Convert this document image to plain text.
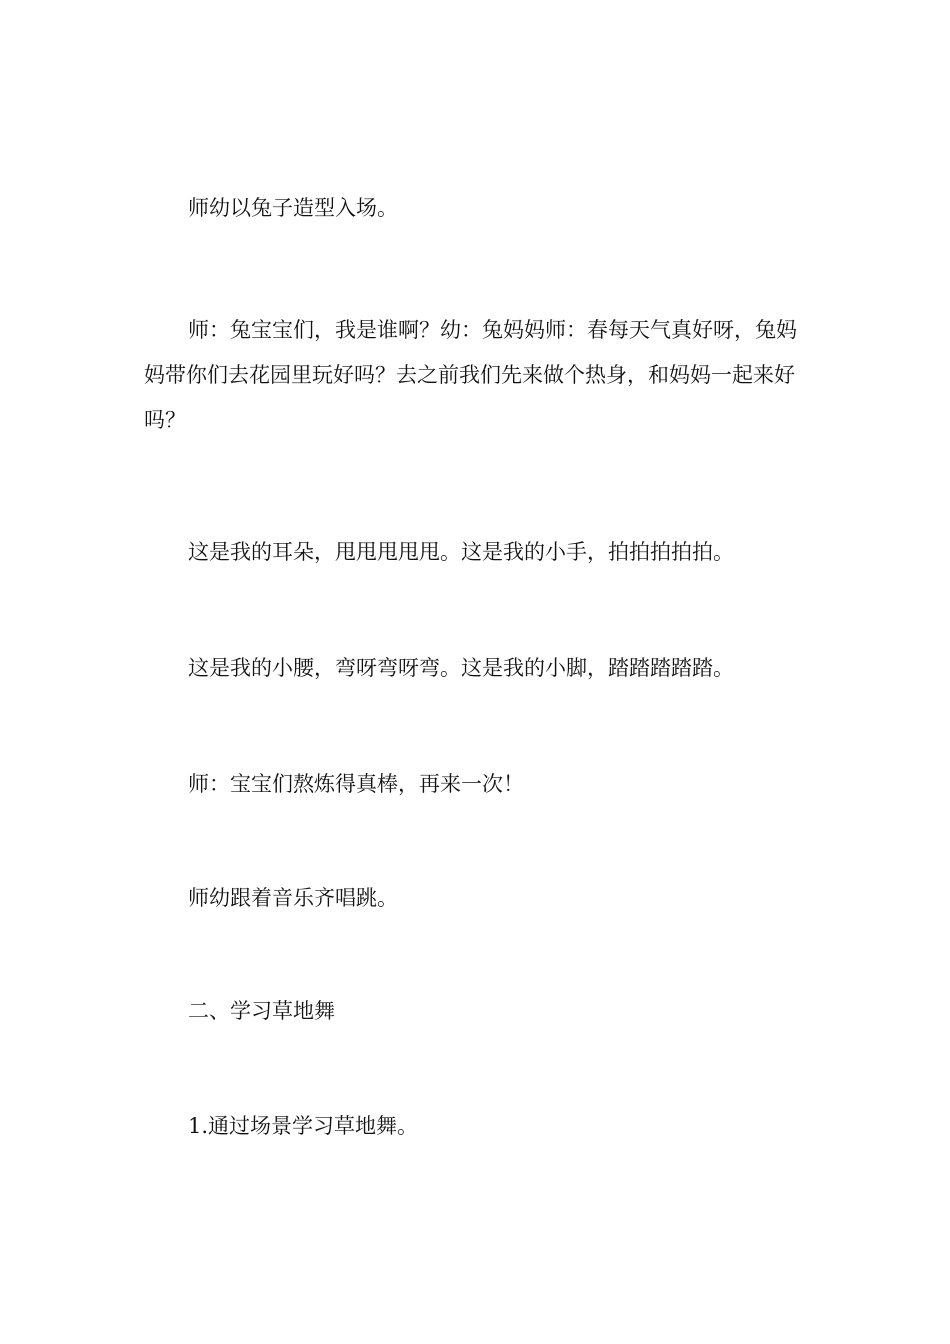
师幼以兔子造型入场。

师：兔宝宝们，我是谁啊？幼：兔妈妈师：春每天气真好呀，兔妈妈带你们去花园里玩好吗？去之前我们先来做个热身，和妈妈一起来好吗？

这是我的耳朵，甩甩甩甩甩。这是我的小手，拍拍拍拍拍。

这是我的小腰，弯呀弯呀弯。这是我的小脚，踏踏踏踏踏。

师：宝宝们熬炼得真棒，再来一次！

师幼跟着音乐齐唱跳。

二、学习草地舞

1.通过场景学习草地舞。
